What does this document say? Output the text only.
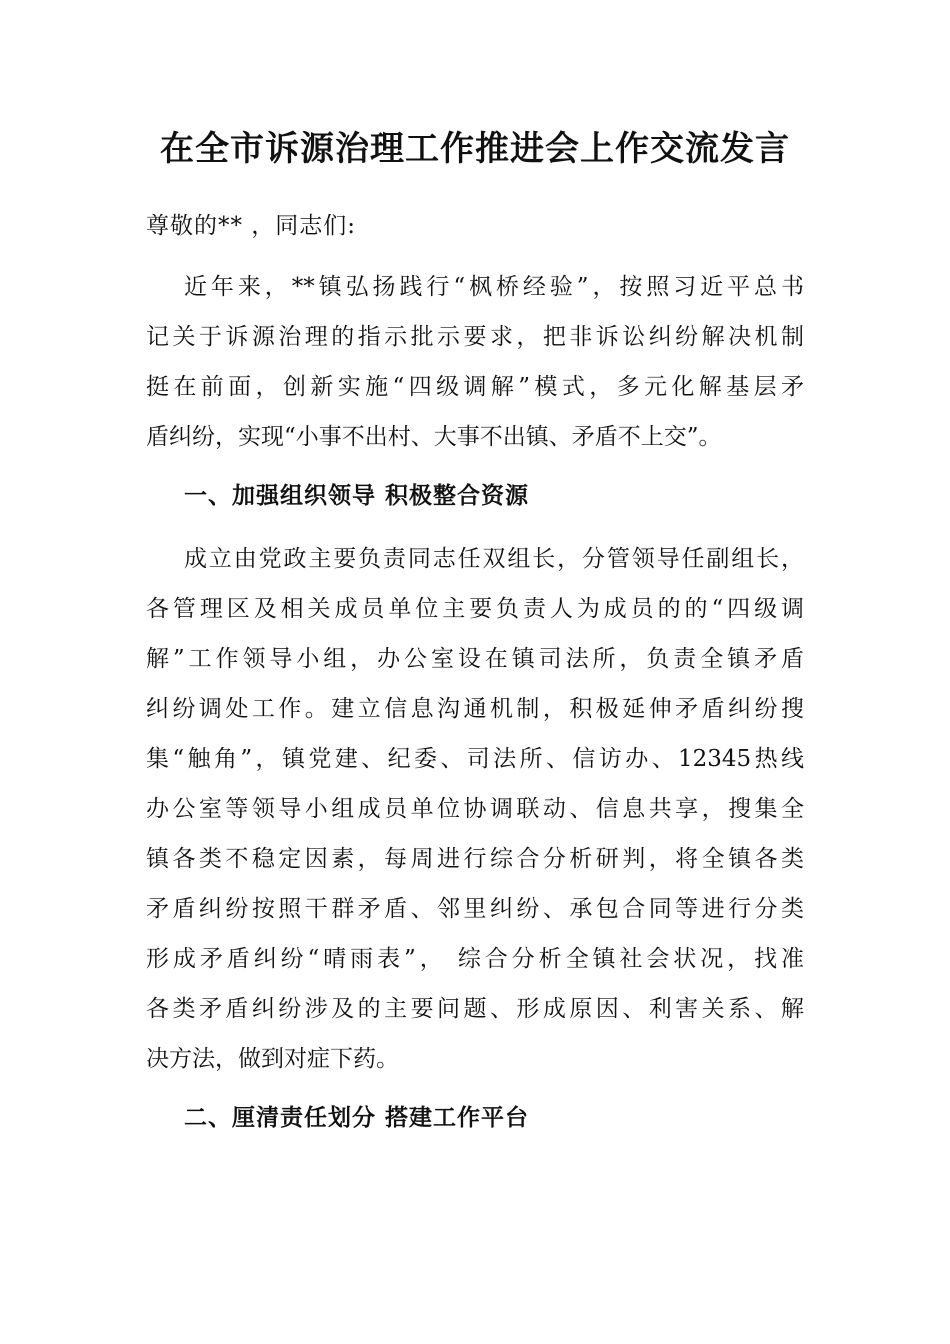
在全市诉源治理工作推进会上作交流发言

尊敬的** ，同志们:

近年来，**镇弘扬践行“枫桥经验”，按照习近平总书
记关于诉源治理的指示批示要求，把非诉讼纠纷解决机制
挺在前面，创新实施“四级调解”模式，多元化解基层矛
盾纠纷，实现“小事不出村、大事不出镇、矛盾不上交”。
一、加强组织领导 积极整合资源
成立由党政主要负责同志任双组长，分管领导任副组长，
各管理区及相关成员单位主要负责人为成员的的“四级调
解”工作领导小组，办公室设在镇司法所，负责全镇矛盾
纠纷调处工作。建立信息沟通机制，积极延伸矛盾纠纷搜
集“触角”，镇党建、纪委、司法所、信访办、12345热线
办公室等领导小组成员单位协调联动、信息共享，搜集全
镇各类不稳定因素，每周进行综合分析研判，将全镇各类
矛盾纠纷按照干群矛盾、邻里纠纷、承包合同等进行分类
形成矛盾纠纷“晴雨表”， 综合分析全镇社会状况，找准
各类矛盾纠纷涉及的主要问题、形成原因、利害关系、解
决方法，做到对症下药。
二、厘清责任划分 搭建工作平台
